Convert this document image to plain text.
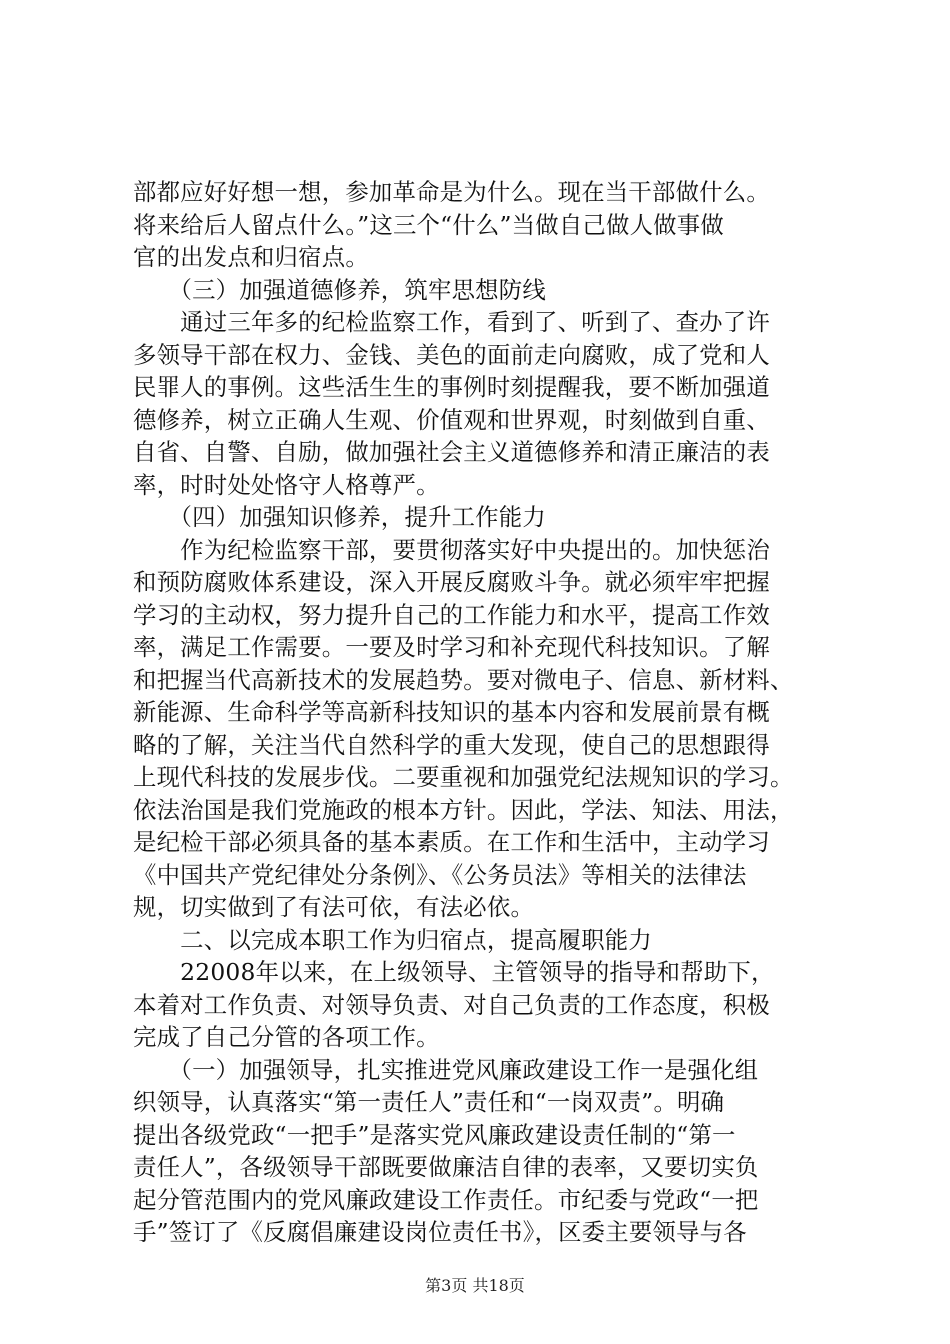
部都应好好想一想，参加革命是为什么。现在当干部做什么。
将来给后人留点什么。”这三个“什么”当做自己做人做事做
官的出发点和归宿点。
　　（三）加强道德修养，筑牢思想防线
　　通过三年多的纪检监察工作，看到了、听到了、查办了许
多领导干部在权力、金钱、美色的面前走向腐败，成了党和人
民罪人的事例。这些活生生的事例时刻提醒我，要不断加强道
德修养，树立正确人生观、价值观和世界观，时刻做到自重、
自省、自警、自励，做加强社会主义道德修养和清正廉洁的表
率，时时处处恪守人格尊严。
　　（四）加强知识修养，提升工作能力
　　作为纪检监察干部，要贯彻落实好中央提出的。加快惩治
和预防腐败体系建设，深入开展反腐败斗争。就必须牢牢把握
学习的主动权，努力提升自己的工作能力和水平，提高工作效
率，满足工作需要。一要及时学习和补充现代科技知识。了解
和把握当代高新技术的发展趋势。要对微电子、信息、新材料、
新能源、生命科学等高新科技知识的基本内容和发展前景有概
略的了解，关注当代自然科学的重大发现，使自己的思想跟得
上现代科技的发展步伐。二要重视和加强党纪法规知识的学习。
依法治国是我们党施政的根本方针。因此，学法、知法、用法，
是纪检干部必须具备的基本素质。在工作和生活中，主动学习
《中国共产党纪律处分条例》、《公务员法》等相关的法律法
规，切实做到了有法可依，有法必依。
　　二、以完成本职工作为归宿点，提高履职能力
　　22008年以来，在上级领导、主管领导的指导和帮助下，
本着对工作负责、对领导负责、对自己负责的工作态度，积极
完成了自己分管的各项工作。
　　（一）加强领导，扎实推进党风廉政建设工作一是强化组
织领导，认真落实“第一责任人”责任和“一岗双责”。明确
提出各级党政“一把手”是落实党风廉政建设责任制的“第一
责任人”，各级领导干部既要做廉洁自律的表率，又要切实负
起分管范围内的党风廉政建设工作责任。市纪委与党政“一把
手”签订了《反腐倡廉建设岗位责任书》，区委主要领导与各
第3页 共18页
